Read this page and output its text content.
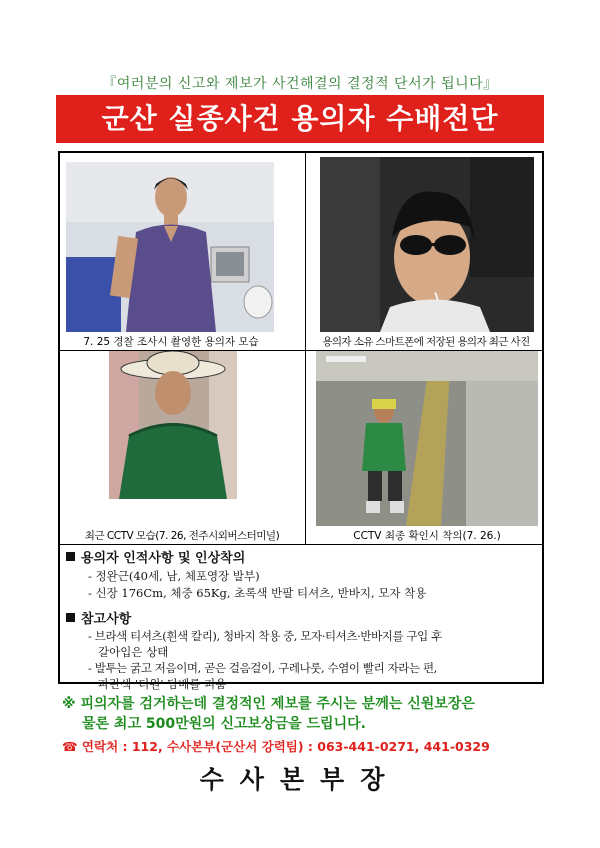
『여러분의 신고와 제보가 사건해결의 결정적 단서가 됩니다』
군산 실종사건 용의자 수배전단
7. 25 경찰 조사시 촬영한 용의자 모습	용의자 소유 스마트폰에 저장된 용의자 최근 사진
최근 CCTV 모습(7. 26, 전주시외버스터미널)	CCTV 최종 확인시 착의(7. 26.)
용의자 인적사항 및 인상착의
- 정완근(40세, 남, 체포영장 발부)
- 신장 176Cm, 체중 65Kg, 초록색 반팔 티셔츠, 반바지, 모자 착용
참고사항
- 브라색 티셔츠(흰색 칼리), 청바지 착용 중, 모자·티셔츠·반바지를 구입 후
갈아입은 상태
- 발투는 굵고 저음이며, 곧은 걸음걸이, 구레나룻, 수염이 빨리 자라는 편,
파란색 '더원' 담배를 피움
※ 피의자를 검거하는데 결정적인 제보를 주시는 분께는 신원보장은
물론 최고 500만원의 신고보상금을 드립니다.
☎ 연락처 : 112, 수사본부(군산서 강력팀) : 063-441-0271, 441-0329
수사본부장
